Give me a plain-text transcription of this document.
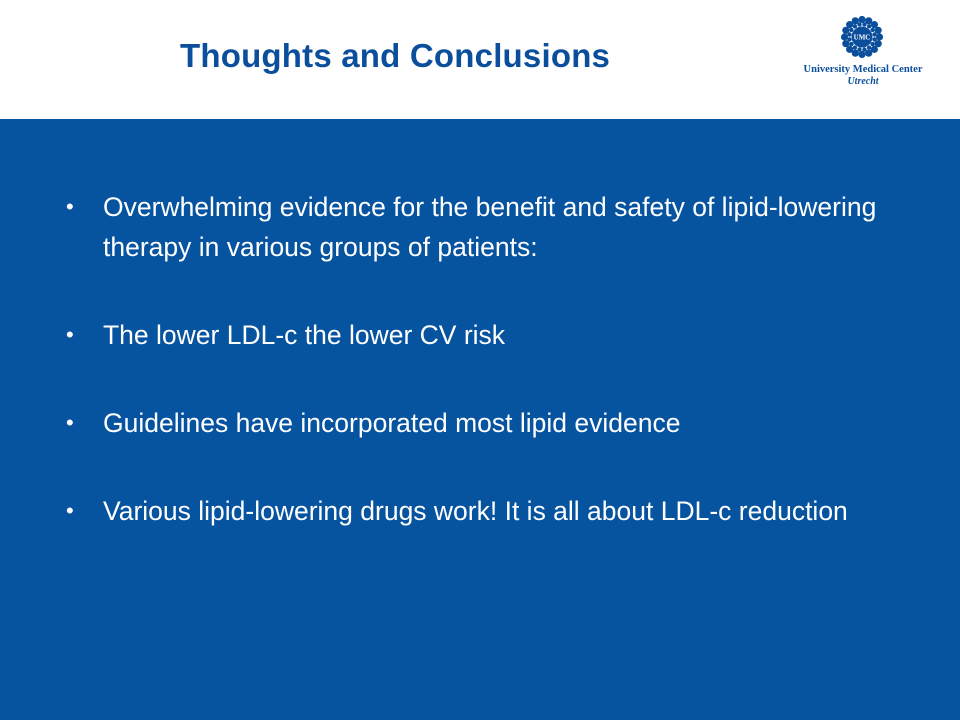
Thoughts and Conclusions	UMC
University Medical Center
Utrecht
• Overwhelming evidence for the benefit and safety of lipid-lowering therapy in various groups of patients:
• The lower LDL-c the lower CV risk
• Guidelines have incorporated most lipid evidence
• Various lipid-lowering drugs work! It is all about LDL-c reduction
